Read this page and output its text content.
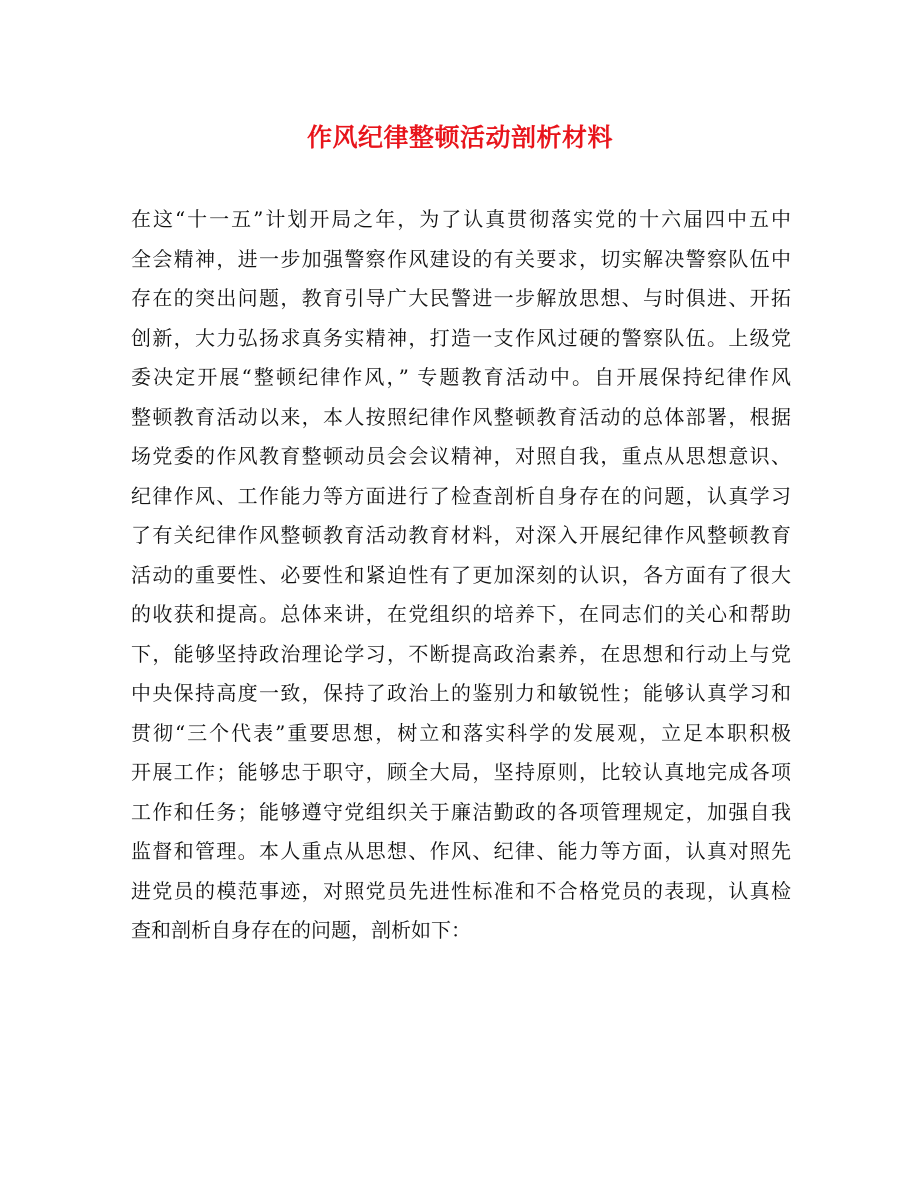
作风纪律整顿活动剖析材料
在这“十一五”计划开局之年，为了认真贯彻落实党的十六届四中五中
全会精神，进一步加强警察作风建设的有关要求，切实解决警察队伍中
存在的突出问题，教育引导广大民警进一步解放思想、与时俱进、开拓
创新，大力弘扬求真务实精神，打造一支作风过硬的警察队伍。上级党
委决定开展“整顿纪律作风，” 专题教育活动中。自开展保持纪律作风
整顿教育活动以来，本人按照纪律作风整顿教育活动的总体部署，根据
场党委的作风教育整顿动员会会议精神，对照自我，重点从思想意识、
纪律作风、工作能力等方面进行了检查剖析自身存在的问题，认真学习
了有关纪律作风整顿教育活动教育材料，对深入开展纪律作风整顿教育
活动的重要性、必要性和紧迫性有了更加深刻的认识，各方面有了很大
的收获和提高。总体来讲，在党组织的培养下，在同志们的关心和帮助
下，能够坚持政治理论学习，不断提高政治素养，在思想和行动上与党
中央保持高度一致，保持了政治上的鉴别力和敏锐性；能够认真学习和
贯彻“三个代表”重要思想，树立和落实科学的发展观，立足本职积极
开展工作；能够忠于职守，顾全大局，坚持原则，比较认真地完成各项
工作和任务；能够遵守党组织关于廉洁勤政的各项管理规定，加强自我
监督和管理。本人重点从思想、作风、纪律、能力等方面，认真对照先
进党员的模范事迹，对照党员先进性标准和不合格党员的表现，认真检
查和剖析自身存在的问题，剖析如下：
